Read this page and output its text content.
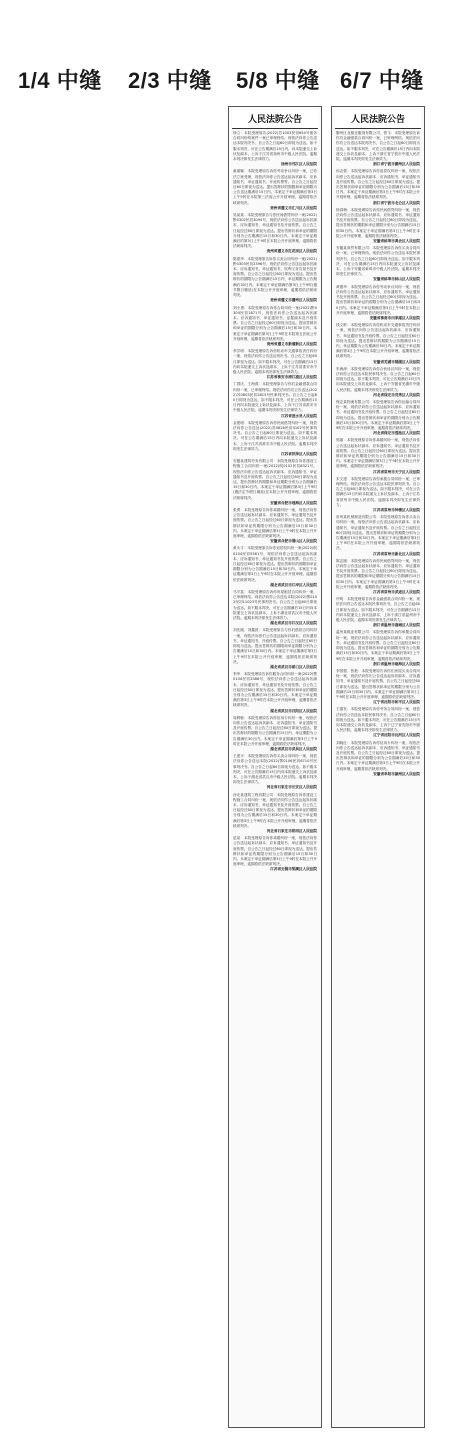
1/4 中缝 2/3 中缝 5/8 中缝 6/7 中缝
人民法院公告
徐立：本院受理原告(2022)苏1003民初654号债务合同纠纷的案件一案已审理终结。现依法向你公告送达本院判决书，自公告之日起60日即视为送达。如不服本判决，可在公告期满后15日内，向本院递交上诉状及副本，上诉于江苏省扬州市中级人民法院。逾期本判决即发生法律效力。
扬州市邗江区人民法院
童丽娜：本院受理原告诉你劳动争议纠纷一案，已依法立案受理，现依法向你公告送达起诉状副本、应诉通知书、举证通知书、开庭传票等。自公告之日起经过60日即视为送达。提出答辩状的期限和举证期限为公告送达期满后15日内。本案定于举证期满后第3日上午9时在本院第三法庭公开开庭审理，逾期将依法缺席判决。
贵州省遵义市汇川区人民法院
吴某某：本院受理原告与你民间借贷纠纷一案(2022)黔0302民初3094号，现依法向你公告送达起诉状副本、应诉通知书、举证通知书及开庭传票。自公告之日起经过60日即视为送达。提出答辩状和举证的期限分别为公告期满后15日和30日内。本案定于举证期满后的第3日上午9时在本院公开开庭审理，逾期将依法缺席判决。
贵州省遵义市红花岗区人民法院
陈建华：本院受理原告诉你买卖合同纠纷一案(2022)黔0303民初2396号，现依法向你公告送达起诉状副本、应诉通知书、举证通知书、权利义务告知书及开庭传票。自公告之日起经过60日即视为送达。提出答辩状的期限为公告期满后15日内，举证期限为公告期满后30日内。本案定于举证期满后第3日上午9时(遇节假日顺延)在本院公开开庭审理，逾期将依法缺席判决。
贵州省遵义市播州区人民法院
刘小勇：本院受理原告诉你合同纠纷一案(2022)黔0304民初1871号，现依法向你公告送达起诉状副本、应诉通知书、举证通知书、证据副本及开庭传票。自公告之日起经过60日即视为送达。提出答辩状和举证的期限分别为公告期满后15日和30日内。本案定于举证期满后第3日上午9时在本院第五法庭公开开庭审理，逾期将依法缺席判决。
贵州省遵义市新蒲新区人民法院
李学明：本院受理原告诉你机动车交通事故责任纠纷一案，现依法向你公告送达判决书。自公告之日起60日即视为送达。如不服本判决，可在公告期满后15日内向本院递交上诉状及副本，上诉于江苏省淮安市中级人民法院。逾期本判决即发生法律效力。
江苏省淮安市清江浦区人民法院
丁国庆、王海燕：本院受理原告与你们金融借款合同纠纷一案，已审理终结。现依法向你们公告送达(2022)苏0803民初2815号民事判决书。自公告之日起60日即视为送达。如不服本判决，可在公告期满后15日内向本院递交上诉状及副本，上诉于江苏省淮安市中级人民法院。逾期本判决即发生法律效力。
江苏省涟水县人民法院
金建明：本院受理原告诉你民间借贷纠纷一案，现依法向你公告送达(2022)苏0826民初4102号民事判决书。自公告之日起60日即视为送达。如不服本判决，可在公告期满后15日内向本院递交上诉状及副本，上诉于江苏省淮安市中级人民法院。逾期本判决即发生法律效力。
江苏省洪泽区人民法院
安徽某建筑劳务有限公司：本院受理原告诉你建设工程施工合同纠纷一案(2022)皖0102民初8321号，现依法向你公告送达起诉状副本、应诉通知书、举证通知书及开庭传票。自公告之日起经过60日即视为送达。提出答辩状的期限和举证期限分别为公告期满后15日和30日内。本案定于举证期满后第3日上午9时(遇法定节假日顺延)在本院公开开庭审理，逾期将依法缺席判决。
安徽省合肥市瑶海区人民法院
张勇：本院受理原告诉你离婚纠纷一案，现依法向你公告送达起诉状副本、应诉通知书、举证通知书及开庭传票。自公告之日起经过60日即视为送达。提出答辩状和举证的期限分别为公告期满后15日和30日内。本案定于举证期满后第3日上午9时在本院公开开庭审理，逾期将依法缺席判决。
安徽省合肥市蜀山区人民法院
黄永才：本院受理原告诉你追偿权纠纷一案(2022)皖0104民初5561号，现依法向你公告送达起诉状副本、应诉通知书、举证通知书及开庭传票。自公告之日起经过60日即视为送达。提出答辩状的期限和举证期限分别为公告期满后15日和30日内。本案定于举证期满后第3日上午9时在本院公开开庭审理，逾期将依法缺席判决。
湖北省武汉市江岸区人民法院
马平富：本院受理原告诉你房屋租赁合同纠纷一案，已审理终结。现依法向你公告送达本院(2022)鄂0102民初11023号民事判决书。自公告之日起60日即视为送达。如不服本判决，可在公告期满后15日内向本院递交上诉状及副本，上诉于湖北省武汉市中级人民法院。逾期本判决即发生法律效力。
湖北省武汉市江汉区人民法院
刘先刚、刘鑫波：本院受理原告与你们借款合同纠纷一案，现依法向你们公告送达起诉状副本、应诉通知书、举证通知书、开庭传票。自公告之日起经过60日即视为送达。提出答辩状的期限和举证期限分别为公告期满后15日和30日内。本案定于举证期满后第3日上午9时在本院公开开庭审理，逾期将依法缺席判决。
湖北省武汉市硚口区人民法院
李华：本院受理原告诉你服务合同纠纷一案(2022)鄂0104民初3388号，现依法向你公告送达起诉状副本、应诉通知书、举证通知书及开庭传票。自公告之日起经过60日即视为送达。提出答辩状和举证的期限分别为公告期满后15日和30日内。本案定于举证期满后第3日上午9时在本院公开开庭审理，逾期将依法缺席判决。
湖北省武汉市汉阳区人民法院
周利敏：本院受理原告诉你信用卡纠纷一案，现依法向你公告送达起诉状副本、应诉通知书、举证通知书及开庭传票。自公告之日起经过60日即视为送达。提出答辩状的期限为公告期满后15日内，举证期限为公告期满后30日内。本案定于举证期满后第3日上午9时在本院公开开庭审理，逾期将依法缺席判决。
湖北省武汉市武昌区人民法院
王建平：本院受理原告诉你买卖合同纠纷一案，现依法向你公告送达本院(2022)鄂0106民初6710号民事判决书。自公告之日起60日即视为送达。如不服本判决，可在公告期满后15日内向本院递交上诉状及副本，上诉于湖北省武汉市中级人民法院。逾期本判决即发生法律效力。
河北省石家庄市长安区人民法院
河北某建筑工程有限公司：本院受理原告诉你建设工程施工合同纠纷一案，现依法向你公告送达起诉状副本、应诉通知书、举证通知书及开庭传票。自公告之日起经过60日即视为送达。提出答辩状和举证的期限分别为公告期满后15日和30日内。本案定于举证期满后第3日上午9时在本院公开开庭审理，逾期将依法缺席判决。
河北省石家庄市桥西区人民法院
赵某：本院受理原告诉你离婚纠纷一案，现依法向你公告送达起诉状副本、应诉通知书、举证通知书及开庭传票。自公告之日起经过60日即视为送达。提出答辩状和举证的期限分别为公告期满后15日和30日内。本案定于举证期满后第3日上午9时在本院公开开庭审理，逾期将依法缺席判决。
江苏省无锡市梁溪区人民法院
人民法院公告
鄞州区北极光服饰有限公司、蔡飞：本院受理原告诉你们金融借款合同纠纷一案，已审理终结。现依法向你们公告送达本院判决书，自公告之日起60日即视为送达。如不服本判决，可在公告期满后15日内向本院递交上诉状及副本，上诉于浙江省宁波市中级人民法院。逾期本判决即发生法律效力。
浙江省宁波市鄞州区人民法院
孙志强：本院受理原告诉你追偿权纠纷一案，现依法向你公告送达起诉状副本、应诉通知书、举证通知书及开庭传票。自公告之日起经过60日即视为送达。提出答辩状和举证的期限分别为公告期满后15日和30日内。本案定于举证期满后第3日上午9时在本院公开开庭审理，逾期将依法缺席判决。
浙江省宁波市北仑区人民法院
杨春梅：本院受理原告诉你民间借贷纠纷一案，现依法向你公告送达起诉状副本、应诉通知书、举证通知书及开庭传票。自公告之日起经过60日即视为送达。提出答辩状的期限和举证期限分别为公告期满后15日和30日内。本案定于举证期满后第3日上午9时在本院公开开庭审理，逾期将依法缺席判决。
安徽省蚌埠市禹会区人民法院
安徽某商贸有限公司：本院受理原告诉你买卖合同纠纷一案，已审理终结。现依法向你公告送达本院民事判决书。自公告之日起60日即视为送达。如不服本判决，可在公告期满后15日内向本院递交上诉状及副本，上诉于安徽省蚌埠市中级人民法院。逾期本判决即发生法律效力。
安徽省蚌埠市蚌山区人民法院
黄德华：本院受理原告诉你劳动争议纠纷一案，现依法向你公告送达起诉状副本、应诉通知书、举证通知书及开庭传票。自公告之日起经过60日即视为送达。提出答辩状和举证的期限分别为公告期满后15日和30日内。本案定于举证期满后第3日上午9时在本院公开开庭审理，逾期将依法缺席判决。
安徽省淮南市田家庵区人民法院
钱文彬：本院受理原告诉你机动车交通事故责任纠纷一案，现依法向你公告送达起诉状副本、应诉通知书、举证通知书及开庭传票。自公告之日起经过60日即视为送达。提出答辩状的期限为公告期满后15日内，举证期限为公告期满后30日内。本案定于举证期满后第3日上午9时在本院公开开庭审理，逾期将依法缺席判决。
安徽省芜湖市镜湖区人民法院
朱海涛：本院受理原告诉你合伙协议纠纷一案，现依法向你公告送达本院民事判决书。自公告之日起60日即视为送达。如不服本判决，可在公告期满后15日内向本院递交上诉状及副本，上诉于安徽省芜湖市中级人民法院。逾期本判决即发生法律效力。
河北省保定市竞秀区人民法院
保定某物流有限公司：本院受理原告诉你运输合同纠纷一案，现依法向你公告送达起诉状副本、应诉通知书、举证通知书及开庭传票。自公告之日起经过60日即视为送达。提出答辩状和举证的期限分别为公告期满后15日和30日内。本案定于举证期满后第3日上午9时在本院公开开庭审理，逾期将依法缺席判决。
河北省保定市莲池区人民法院
郭丽：本院受理原告诉你离婚纠纷一案，现依法向你公告送达起诉状副本、应诉通知书、举证通知书及开庭传票。自公告之日起经过60日即视为送达。提出答辩状和举证的期限分别为公告期满后15日和30日内。本案定于举证期满后第3日上午9时在本院公开开庭审理，逾期将依法缺席判决。
江苏省常州市天宁区人民法院
宋文建：本院受理原告诉你承揽合同纠纷一案，已审理终结。现依法向你公告送达本院民事判决书。自公告之日起60日即视为送达。如不服本判决，可在公告期满后15日内向本院递交上诉状及副本，上诉于江苏省常州市中级人民法院。逾期本判决即发生法律效力。
江苏省常州市钟楼区人民法院
常州某机械制造有限公司：本院受理原告诉你买卖合同纠纷一案，现依法向你公告送达起诉状副本、应诉通知书、举证通知书及开庭传票。自公告之日起经过60日即视为送达。提出答辩状和举证的期限分别为公告期满后15日和30日内。本案定于举证期满后第3日上午9时在本院公开开庭审理，逾期将依法缺席判决。
江苏省常州市新北区人民法院
陈志刚：本院受理原告诉你民间借贷纠纷一案，现依法向你公告送达起诉状副本、应诉通知书、举证通知书及开庭传票。自公告之日起经过60日即视为送达。提出答辩状的期限和举证期限分别为公告期满后15日和30日内。本案定于举证期满后第3日上午9时在本院公开开庭审理，逾期将依法缺席判决。
江苏省常州市武进区人民法院
许明：本院受理原告诉你金融借款合同纠纷一案，现依法向你公告送达本院民事判决书。自公告之日起60日即视为送达。如不服本判决，可在公告期满后15日内向本院递交上诉状及副本，上诉于浙江省温州市中级人民法院。逾期本判决即发生法律效力。
浙江省温州市鹿城区人民法院
温州某鞋业有限公司：本院受理原告诉你承揽合同纠纷一案，现依法向你公告送达起诉状副本、应诉通知书、举证通知书及开庭传票。自公告之日起经过60日即视为送达。提出答辩状和举证的期限分别为公告期满后15日和30日内。本案定于举证期满后第3日上午9时在本院公开开庭审理，逾期将依法缺席判决。
浙江省温州市瓯海区人民法院
李国强、张艳：本院受理原告诉你们房屋买卖合同纠纷一案，现依法向你们公告送达起诉状副本、应诉通知书、举证通知书及开庭传票。自公告之日起经过60日即视为送达。提出答辩状和举证的期限分别为公告期满后15日和30日内。本案定于举证期满后第3日上午9时在本院公开开庭审理，逾期将依法缺席判决。
辽宁省沈阳市和平区人民法院
王德发：本院受理原告诉你劳务合同纠纷一案，现依法向你公告送达本院民事判决书。自公告之日起60日即视为送达。如不服本判决，可在公告期满后15日内向本院递交上诉状及副本，上诉于辽宁省沈阳市中级人民法院。逾期本判决即发生法律效力。
辽宁省沈阳市沈河区人民法院
刘晓红：本院受理原告诉你信用卡纠纷一案，现依法向你公告送达起诉状副本、应诉通知书、举证通知书及开庭传票。自公告之日起经过60日即视为送达。提出答辩状和举证的期限分别为公告期满后15日和30日内。本案定于举证期满后第3日上午9时在本院公开开庭审理，逾期将依法缺席判决。
安徽省阜阳市颍州区人民法院
